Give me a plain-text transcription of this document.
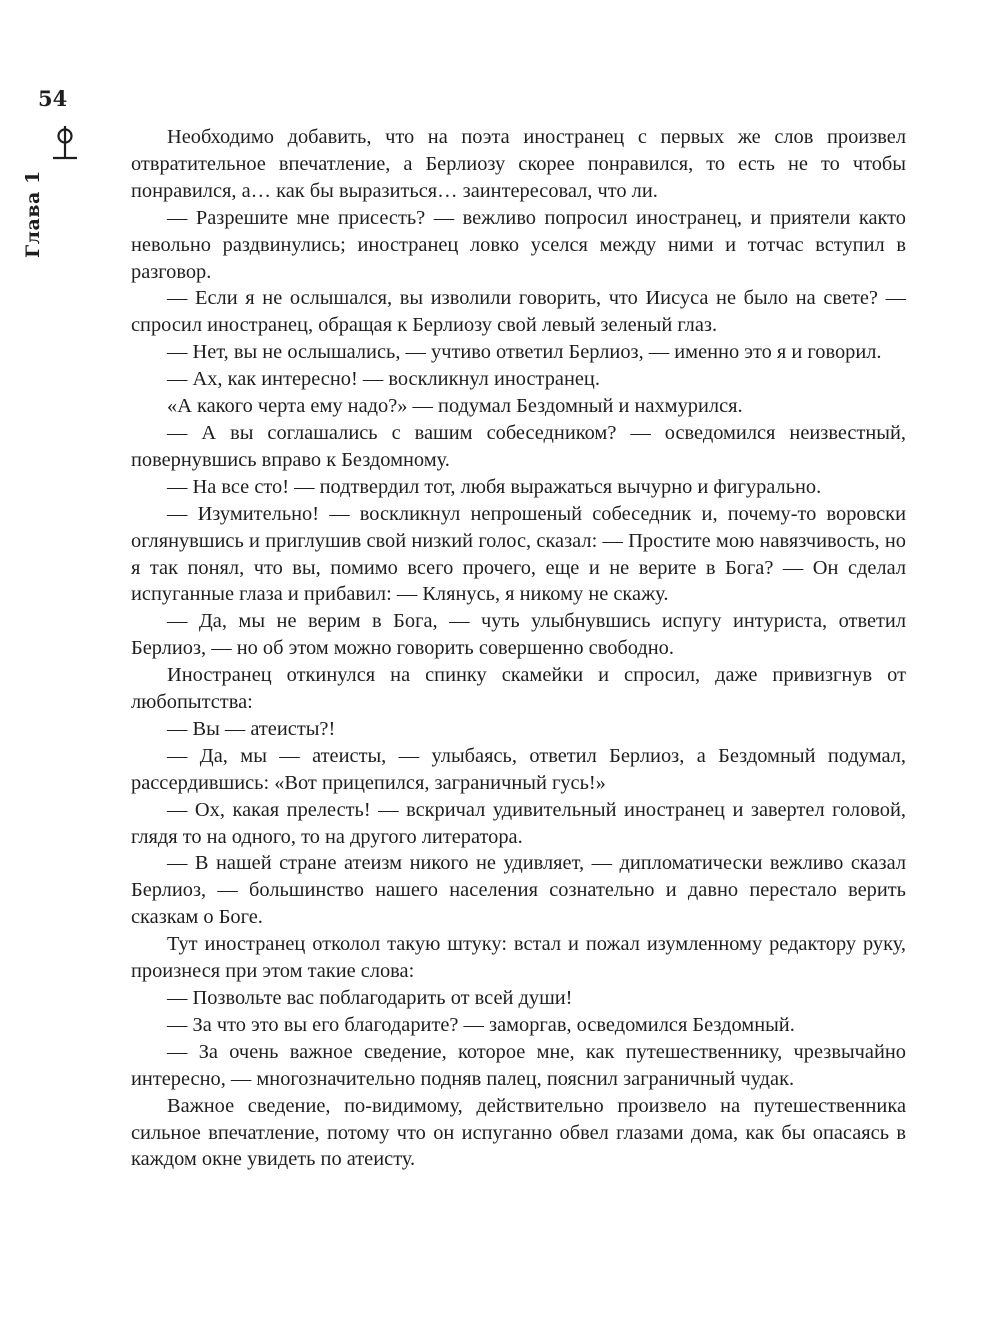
54
Глава 1

Необходимо добавить, что на поэта иностранец с первых же слов произвел отвратительное впечатление, а Берлиозу скорее понравился, то есть не то чтобы понравился, а… как бы выразиться… заинтересовал, что ли.

— Разрешите мне присесть? — вежливо попросил иностранец, и приятели както невольно раздвинулись; иностранец ловко уселся между ними и тотчас вступил в разговор.

— Если я не ослышался, вы изволили говорить, что Иисуса не было на свете? — спросил иностранец, обращая к Берлиозу свой левый зеленый глаз.

— Нет, вы не ослышались, — учтиво ответил Берлиоз, — именно это я и говорил.

— Ах, как интересно! — воскликнул иностранец.

«А какого черта ему надо?» — подумал Бездомный и нахмурился.

— А вы соглашались с вашим собеседником? — осведомился неизвестный, повернувшись вправо к Бездомному.

— На все сто! — подтвердил тот, любя выражаться вычурно и фигурально.

— Изумительно! — воскликнул непрошеный собеседник и, почему-то воровски оглянувшись и приглушив свой низкий голос, сказал: — Простите мою навязчивость, но я так понял, что вы, помимо всего прочего, еще и не верите в Бога? — Он сделал испуганные глаза и прибавил: — Клянусь, я никому не скажу.

— Да, мы не верим в Бога, — чуть улыбнувшись испугу интуриста, ответил Берлиоз, — но об этом можно говорить совершенно свободно.

Иностранец откинулся на спинку скамейки и спросил, даже привизгнув от любопытства:

— Вы — атеисты?!

— Да, мы — атеисты, — улыбаясь, ответил Берлиоз, а Бездомный подумал, рассердившись: «Вот прицепился, заграничный гусь!»

— Ох, какая прелесть! — вскричал удивительный иностранец и завертел головой, глядя то на одного, то на другого литератора.

— В нашей стране атеизм никого не удивляет, — дипломатически вежливо сказал Берлиоз, — большинство нашего населения сознательно и давно перестало верить сказкам о Боге.

Тут иностранец отколол такую штуку: встал и пожал изумленному редактору руку, произнеся при этом такие слова:

— Позвольте вас поблагодарить от всей души!

— За что это вы его благодарите? — заморгав, осведомился Бездомный.

— За очень важное сведение, которое мне, как путешественнику, чрезвычайно интересно, — многозначительно подняв палец, пояснил заграничный чудак.

Важное сведение, по-видимому, действительно произвело на путешественника сильное впечатление, потому что он испуганно обвел глазами дома, как бы опасаясь в каждом окне увидеть по атеисту.
